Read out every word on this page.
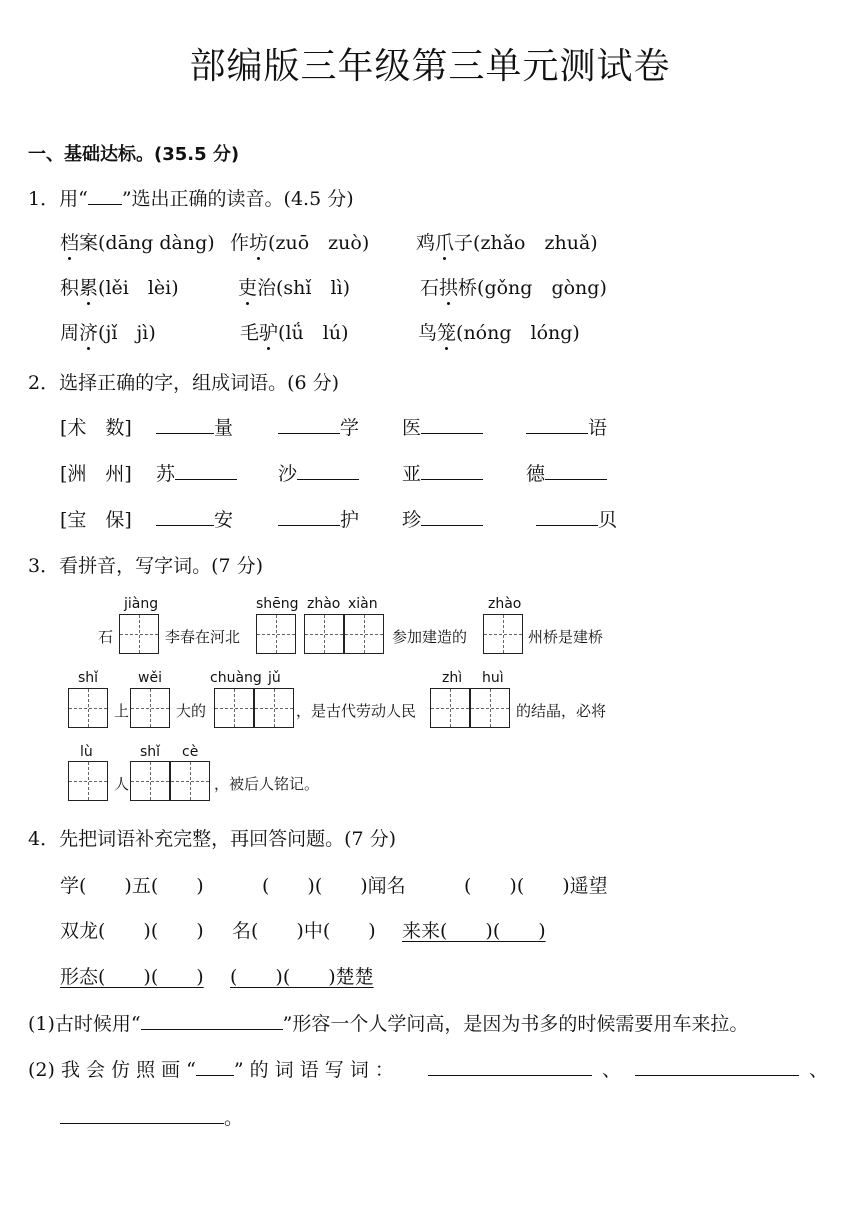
部编版三年级第三单元测试卷
一、基础达标。(35.5 分)
1．用“ ”选出正确的读音。(4.5 分)
档案(dāng dàng) 作坊(zuō　zuò) 鸡爪子(zhǎo　zhuǎ)
积累(lěi　lèi)	吏治(shǐ　lì)	石拱桥(gǒng　gòng)
周济(jǐ　jì)	毛驴(lǘ　lú)	鸟笼(nóng　lóng)
2．选择正确的字，组成词语。(6 分)
[术　数]	量	学 医	语
[洲　州] 苏	沙	亚	德
[宝　保]	安	护 珍	贝
3．看拼音，写字词。(7 分)
jiàng	shēng zhào xiàn	zhào
石	李春在河北	参加建造的	州桥是建桥
shǐ	wěi	chuàng jǔ	zhì huì
上	大的	，是古代劳动人民	的结晶，必将
lù	shǐ cè
人	，被后人铭记。
4．先把词语补充完整，再回答问题。(7 分)
学(　　)五(　　)	(　　)(　　)闻名	(　　)(　　)遥望
双龙(　　)(　　) 名(　　)中(　　) 来来(　　)(　　)
形态(　　)(　　) (　　)(　　)楚楚
(1)古时候用“	”形容一个人学问高，是因为书多的时候需要用车来拉。
(2) 我 会 仿 照 画 “ ” 的 词 语 写 词 ：	、	、
。
